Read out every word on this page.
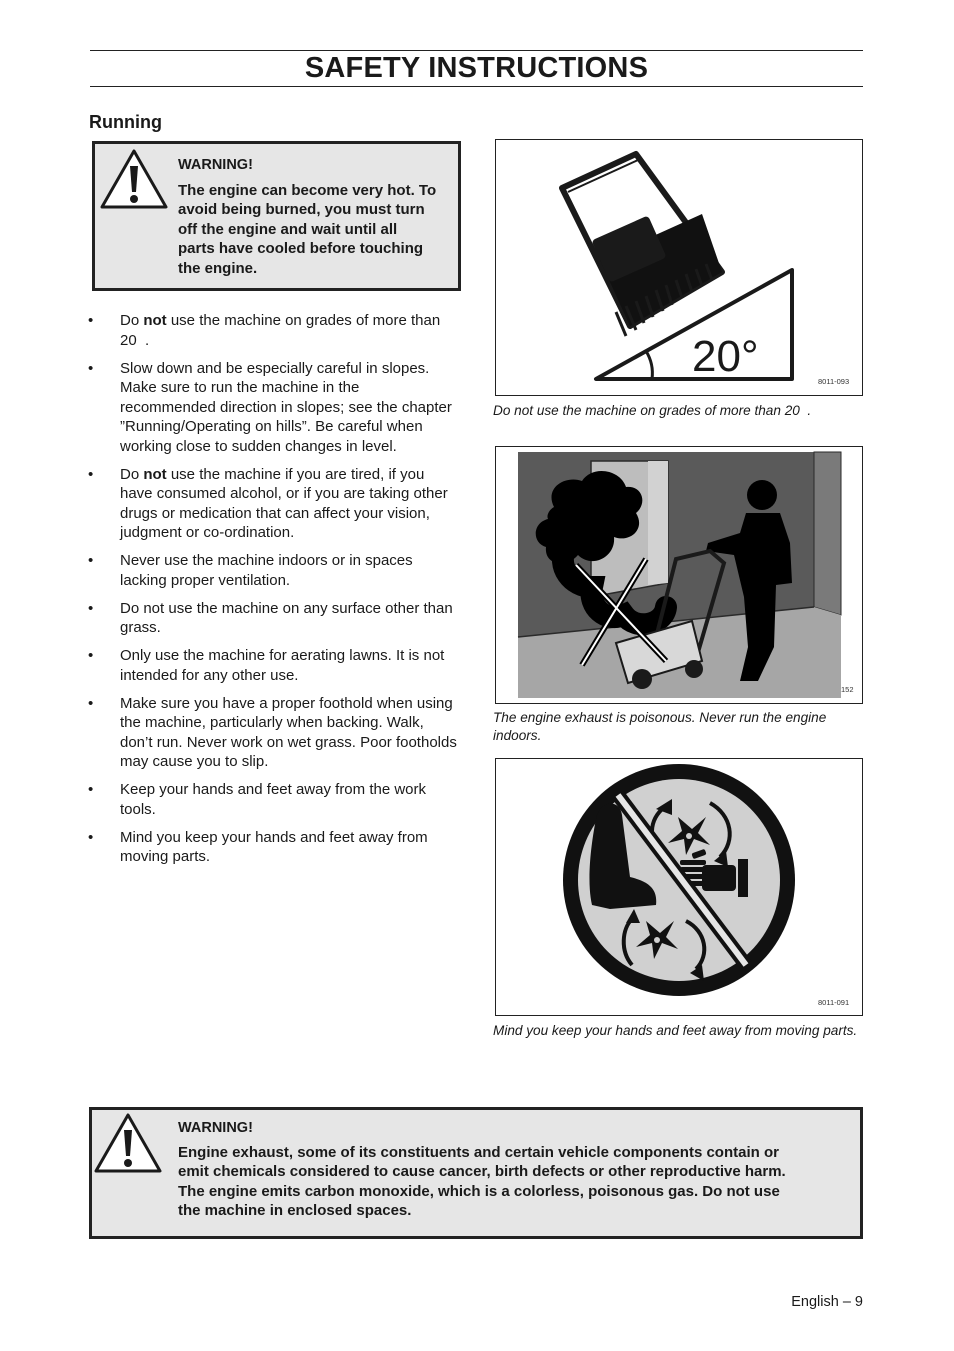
SAFETY INSTRUCTIONS
Running
WARNING!
The engine can become very hot. To
avoid being burned, you must turn
off the engine and wait until all
parts have cooled before touching
the engine.
• Do not use the machine on grades of more than 20  .
• Slow down and be especially careful in slopes. Make sure to run the machine in the recommended direction in slopes; see the chapter ”Running/Operating on hills”. Be careful when working close to sudden changes in level.
• Do not use the machine if you are tired, if you have consumed alcohol, or if you are taking other drugs or medication that can affect your vision, judgment or co-ordination.
• Never use the machine indoors or in spaces lacking proper ventilation.
• Do not use the machine on any surface other than grass.
• Only use the machine for aerating lawns. It is not intended for any other use.
• Make sure you have a proper foothold when using the machine, particularly when backing. Walk, don’t run. Never work on wet grass. Poor footholds may cause you to slip.
• Keep your hands and feet away from the work tools.
• Mind you keep your hands and feet away from moving parts.
20°
8011-093
Do not use the machine on grades of more than 20  .
152
The engine exhaust is poisonous. Never run the engine indoors.
8011-091
Mind you keep your hands and feet away from moving parts.
WARNING!
Engine exhaust, some of its constituents and certain vehicle components contain or
emit chemicals considered to cause cancer, birth defects or other reproductive harm.
The engine emits carbon monoxide, which is a colorless, poisonous gas. Do not use
the machine in enclosed spaces.
English – 9
